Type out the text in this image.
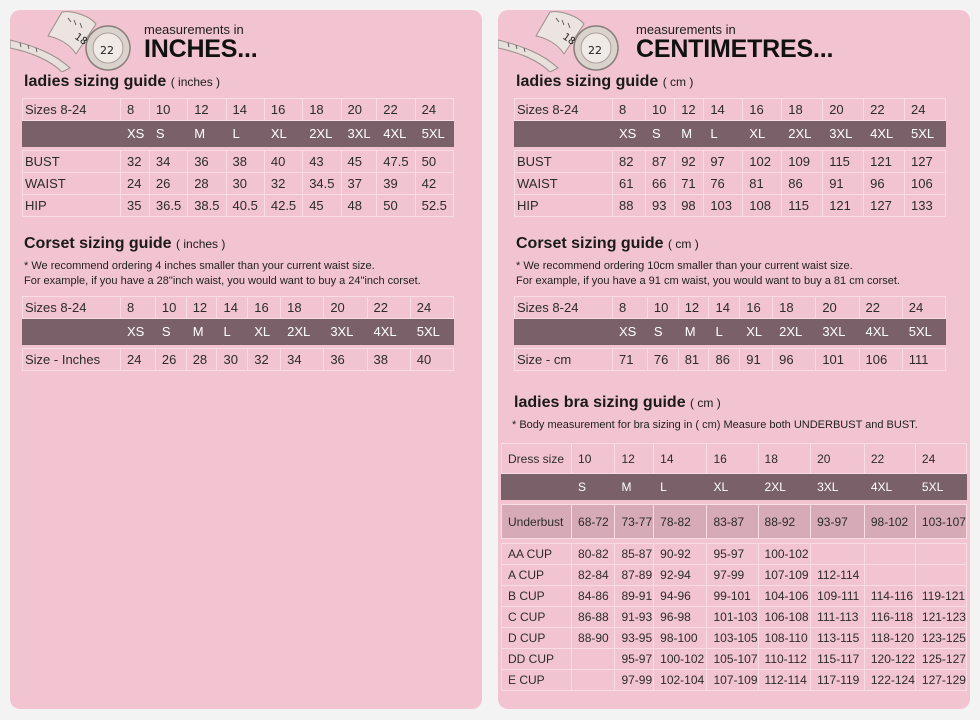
18
22
measurements in
INCHES...
ladies sizing guide ( inches )
Sizes 8-24	8	10	12	14	16	18	20	22	24
	XS	S	M	L	XL	2XL	3XL	4XL	5XL

BUST	32	34	36	38	40	43	45	47.5	50
WAIST	24	26	28	30	32	34.5	37	39	42
HIP	35	36.5	38.5	40.5	42.5	45	48	50	52.5
Corset sizing guide ( inches )
* We recommend ordering 4 inches smaller than your current waist size.
For example, if you have a 28"inch waist, you would want to buy a 24"inch corset.
Sizes 8-24	8	10	12	14	16	18	20	22	24
	XS	S	M	L	XL	2XL	3XL	4XL	5XL

Size - Inches	24	26	28	30	32	34	36	38	40
18
22
measurements in
CENTIMETRES...
ladies sizing guide ( cm )
Sizes 8-24	8	10	12	14	16	18	20	22	24
	XS	S	M	L	XL	2XL	3XL	4XL	5XL

BUST	82	87	92	97	102	109	115	121	127
WAIST	61	66	71	76	81	86	91	96	106
HIP	88	93	98	103	108	115	121	127	133
Corset sizing guide ( cm )
* We recommend ordering 10cm smaller than your current waist size.
For example, if you have a 91 cm waist, you would want to buy a 81 cm corset.
Sizes 8-24	8	10	12	14	16	18	20	22	24
	XS	S	M	L	XL	2XL	3XL	4XL	5XL

Size - cm	71	76	81	86	91	96	101	106	111
ladies bra sizing guide ( cm )
* Body measurement for bra sizing in ( cm) Measure both UNDERBUST and BUST.
Dress size	10	12	14	16	18	20	22	24
	S	M	L	XL	2XL	3XL	4XL	5XL

Underbust	68-72	73-77	78-82	83-87	88-92	93-97	98-102	103-107

AA CUP	80-82	85-87	90-92	95-97	100-102			
A CUP	82-84	87-89	92-94	97-99	107-109	112-114		
B CUP	84-86	89-91	94-96	99-101	104-106	109-111	114-116	119-121
C CUP	86-88	91-93	96-98	101-103	106-108	111-113	116-118	121-123
D CUP	88-90	93-95	98-100	103-105	108-110	113-115	118-120	123-125
DD CUP		95-97	100-102	105-107	110-112	115-117	120-122	125-127
E CUP		97-99	102-104	107-109	112-114	117-119	122-124	127-129
